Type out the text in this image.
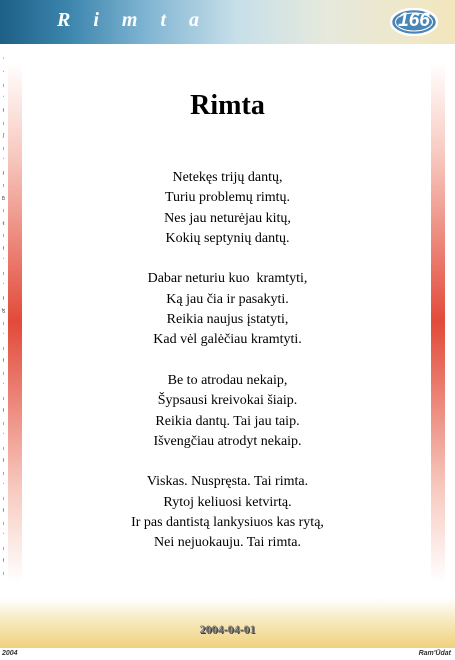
R i m t a	166
ˇ
ʹ
ı
ʹ
ł
ı
ʃ
ı
ʹ
ł
ı
ƃ
ı
ŧ
ı
ł
ʹ
ı
ʹ
ł
ɮ
ı
ʹ
ı
ł
ı
ʹ
ı
ł
ı
ʹ
ı
ł
ı
ʹ
ı
ł
ı
ʹ
ı
ł
ı
Rimta
Netekęs trijų dantų,
Turiu problemų rimtų.
Nes jau neturėjau kitų,
Kokių septynių dantų.
Dabar neturiu kuo  kramtyti,
Ką jau čia ir pasakyti.
Reikia naujus įstatyti,
Kad vėl galėčiau kramtyti.
Be to atrodau nekaip,
Šypsausi kreivokai šiaip.
Reikia dantų. Tai jau taip.
Išvengčiau atrodyt nekaip.
Viskas. Nuspręsta. Tai rimta.
Rytoj keliuosi ketvirtą.
Ir pas dantistą lankysiuos kas rytą,
Nei nejuokauju. Tai rimta.
2004-04-01
2004	Ram'Ūdat
